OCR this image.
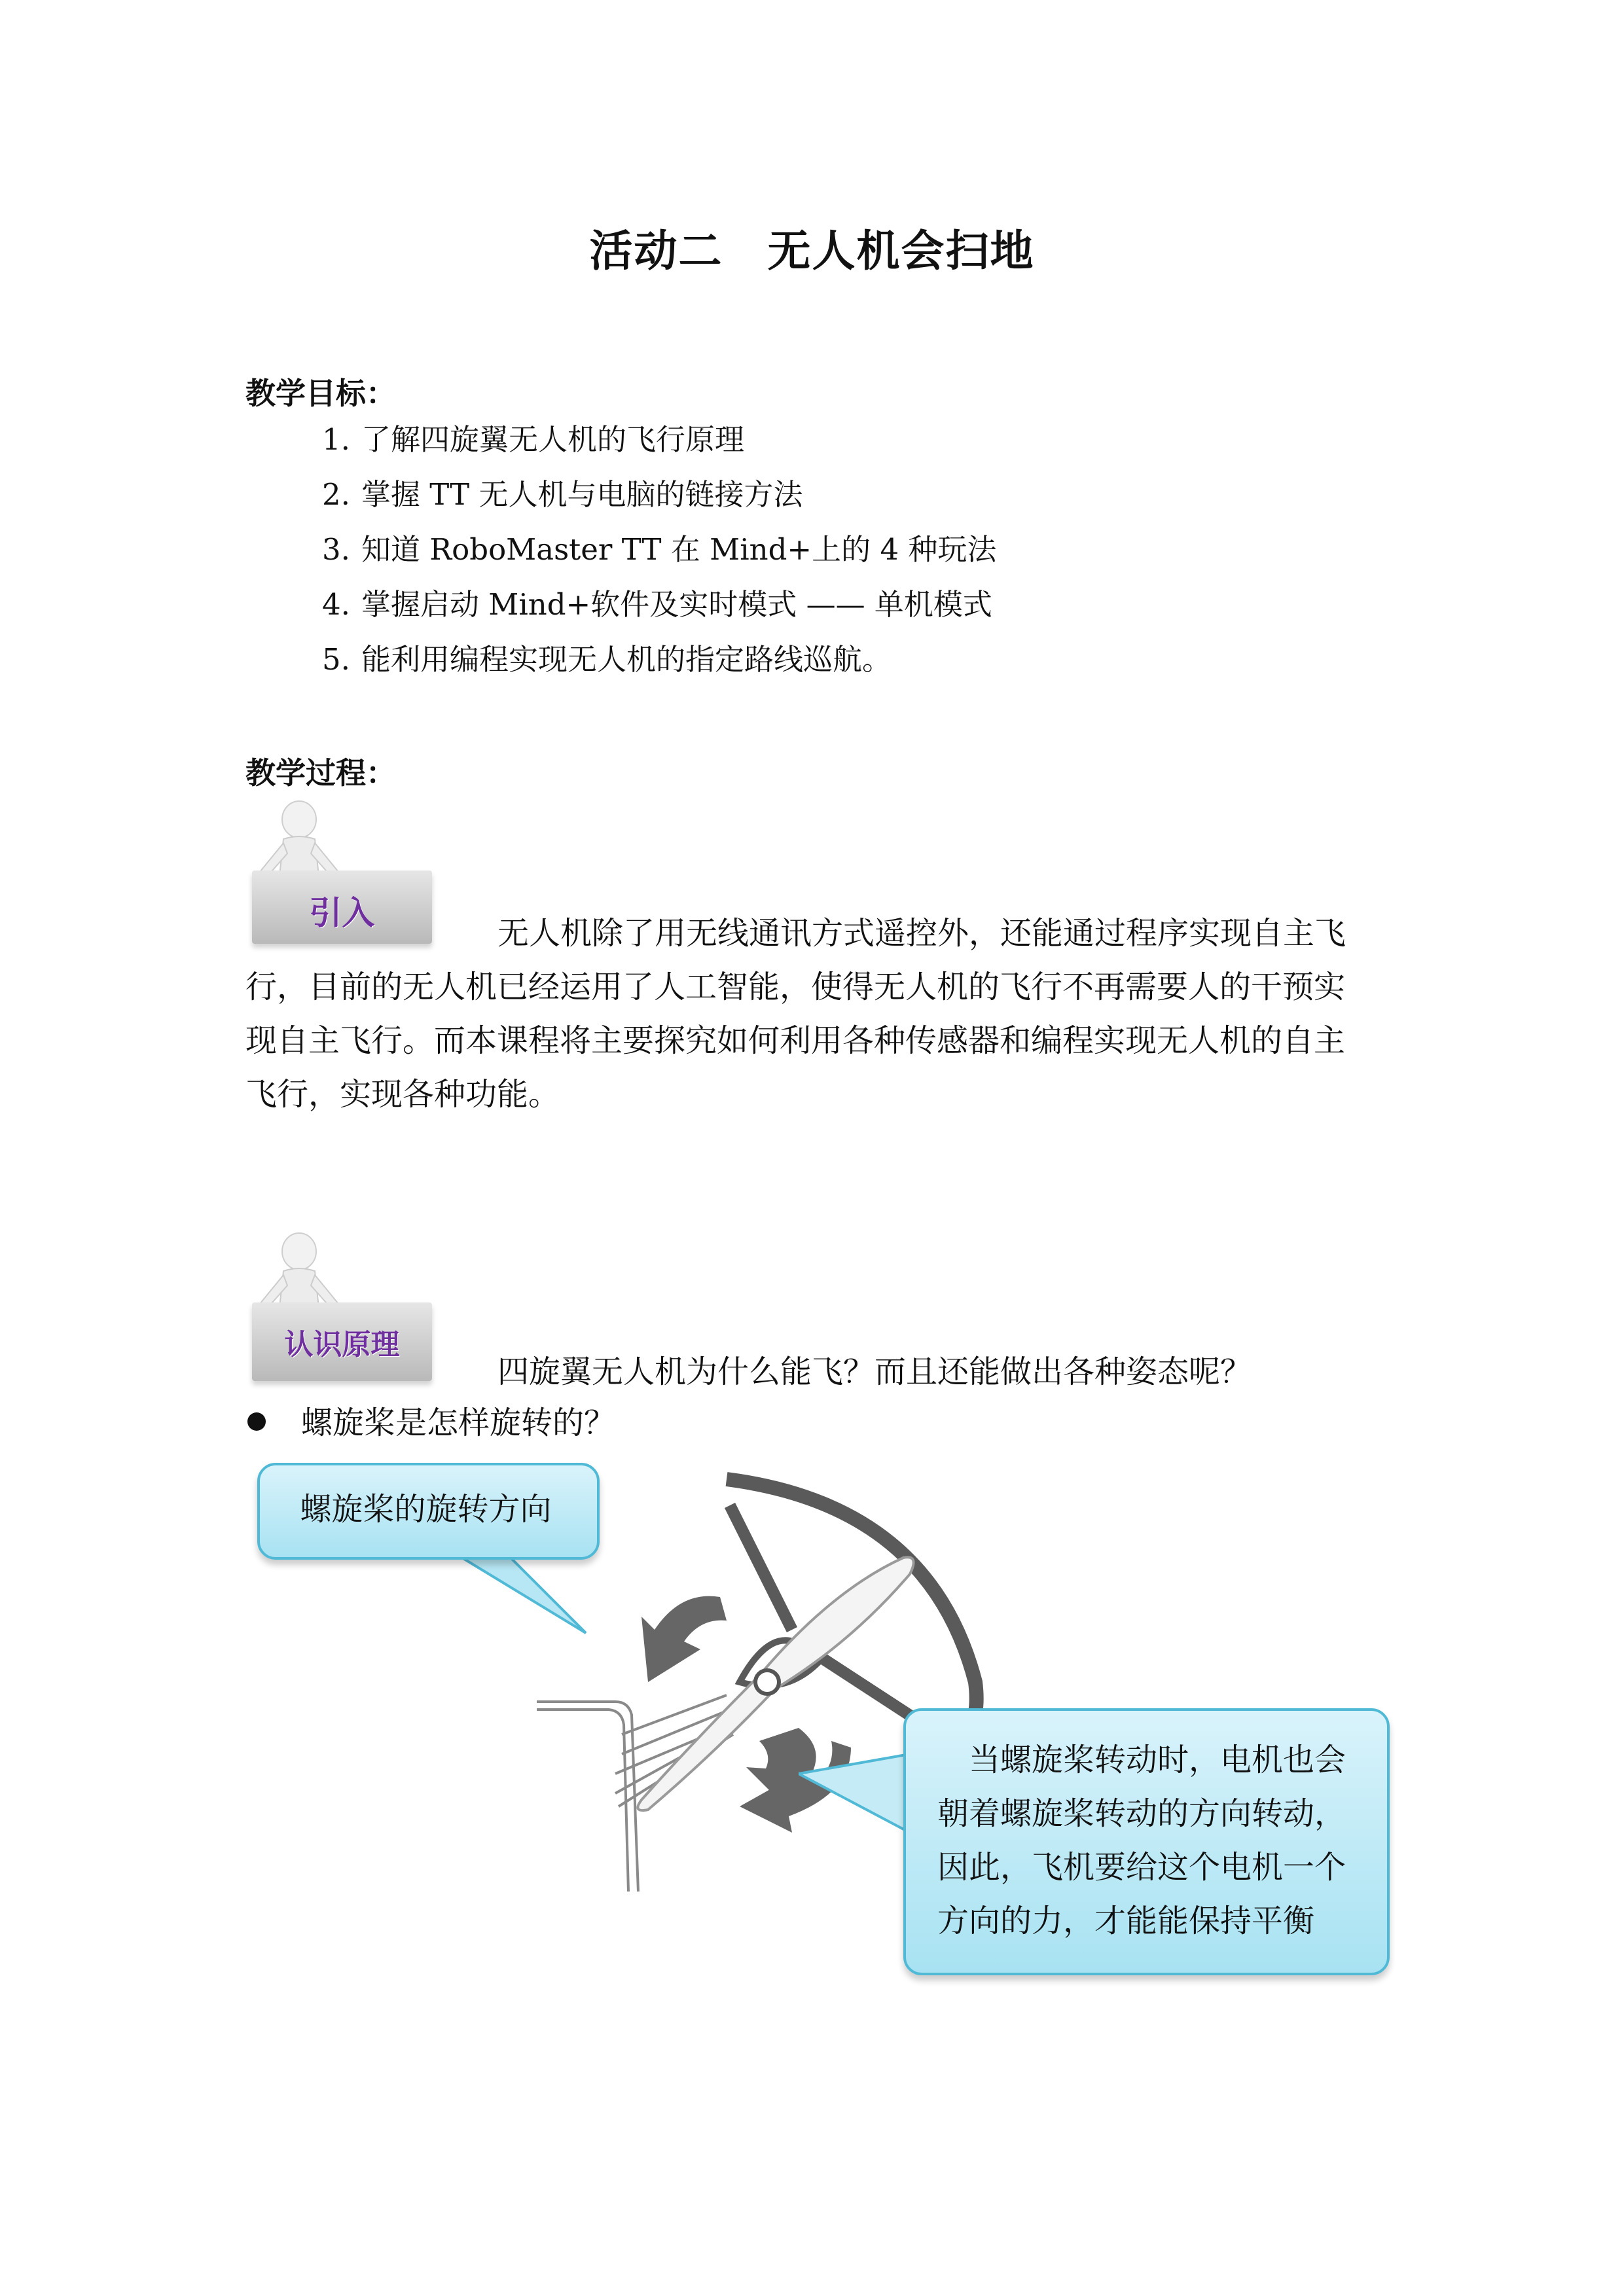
活动二　无人机会扫地
教学目标：
1. 了解四旋翼无人机的飞行原理
2. 掌握 TT 无人机与电脑的链接方法
3. 知道 RoboMaster TT 在 Mind+上的 4 种玩法
4. 掌握启动 Mind+软件及实时模式 —— 单机模式
5. 能利用编程实现无人机的指定路线巡航。
教学过程：
引入
无人机除了用无线通讯方式遥控外，还能通过程序实现自主飞
行，目前的无人机已经运用了人工智能，使得无人机的飞行不再需要人的干预实
现自主飞行。而本课程将主要探究如何利用各种传感器和编程实现无人机的自主
飞行，实现各种功能。
认识原理
四旋翼无人机为什么能飞？而且还能做出各种姿态呢？
螺旋桨是怎样旋转的？
螺旋桨的旋转方向
当螺旋桨转动时，电机也会
朝着螺旋桨转动的方向转动，
因此，飞机要给这个电机一个
方向的力，才能能保持平衡
